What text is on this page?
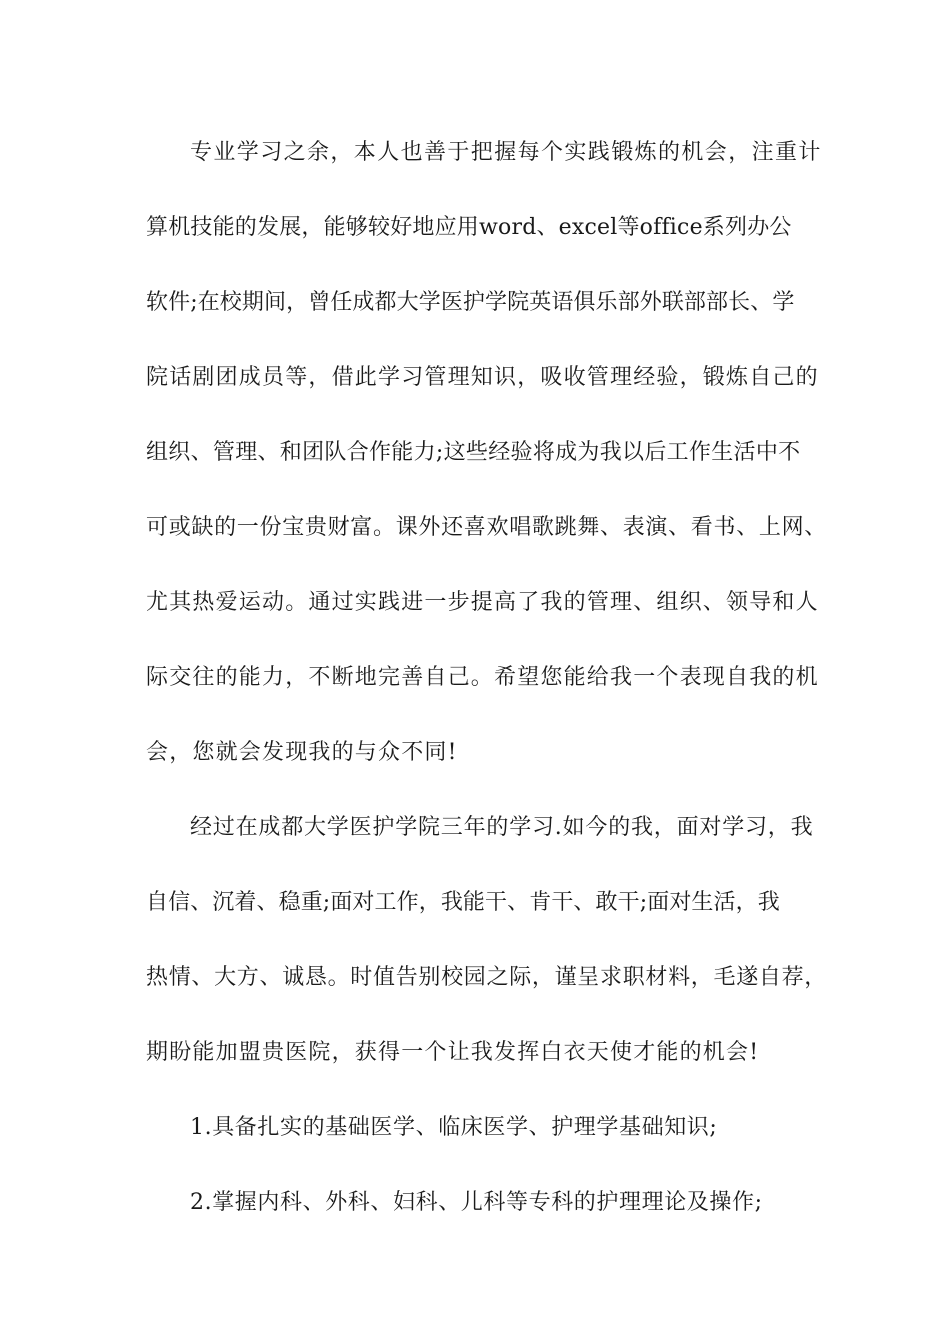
专业学习之余，本人也善于把握每个实践锻炼的机会，注重计
算机技能的发展，能够较好地应用word、excel等office系列办公
软件;在校期间，曾任成都大学医护学院英语俱乐部外联部部长、学
院话剧团成员等，借此学习管理知识，吸收管理经验，锻炼自己的
组织、管理、和团队合作能力;这些经验将成为我以后工作生活中不
可或缺的一份宝贵财富。课外还喜欢唱歌跳舞、表演、看书、上网、
尤其热爱运动。通过实践进一步提高了我的管理、组织、领导和人
际交往的能力，不断地完善自己。希望您能给我一个表现自我的机
会，您就会发现我的与众不同!
经过在成都大学医护学院三年的学习.如今的我，面对学习，我
自信、沉着、稳重;面对工作，我能干、肯干、敢干;面对生活，我
热情、大方、诚恳。时值告别校园之际，谨呈求职材料，毛遂自荐，
期盼能加盟贵医院，获得一个让我发挥白衣天使才能的机会!
1.具备扎实的基础医学、临床医学、护理学基础知识;
2.掌握内科、外科、妇科、儿科等专科的护理理论及操作;
